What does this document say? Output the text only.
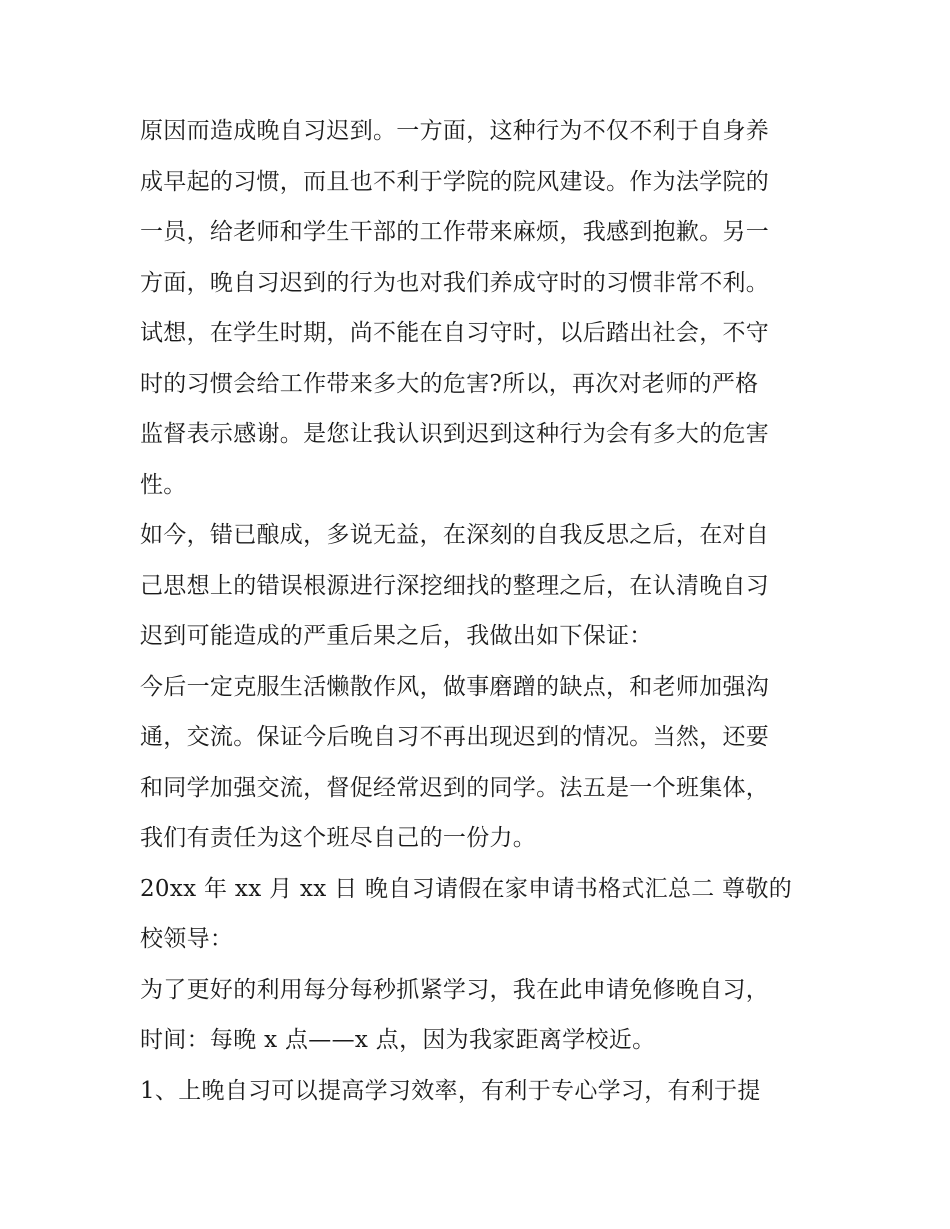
原因而造成晚自习迟到。一方面，这种行为不仅不利于自身养
成早起的习惯，而且也不利于学院的院风建设。作为法学院的
一员，给老师和学生干部的工作带来麻烦，我感到抱歉。另一
方面，晚自习迟到的行为也对我们养成守时的习惯非常不利。
试想，在学生时期，尚不能在自习守时，以后踏出社会，不守
时的习惯会给工作带来多大的危害?所以，再次对老师的严格
监督表示感谢。是您让我认识到迟到这种行为会有多大的危害
性。
如今，错已酿成，多说无益，在深刻的自我反思之后，在对自
己思想上的错误根源进行深挖细找的整理之后，在认清晚自习
迟到可能造成的严重后果之后，我做出如下保证：
今后一定克服生活懒散作风，做事磨蹭的缺点，和老师加强沟
通，交流。保证今后晚自习不再出现迟到的情况。当然，还要
和同学加强交流，督促经常迟到的同学。法五是一个班集体，
我们有责任为这个班尽自己的一份力。
20xx 年 xx 月 xx 日 晚自习请假在家申请书格式汇总二 尊敬的
校领导：
为了更好的利用每分每秒抓紧学习，我在此申请免修晚自习，
时间：每晚 x 点——x 点，因为我家距离学校近。
1、上晚自习可以提高学习效率，有利于专心学习，有利于提
